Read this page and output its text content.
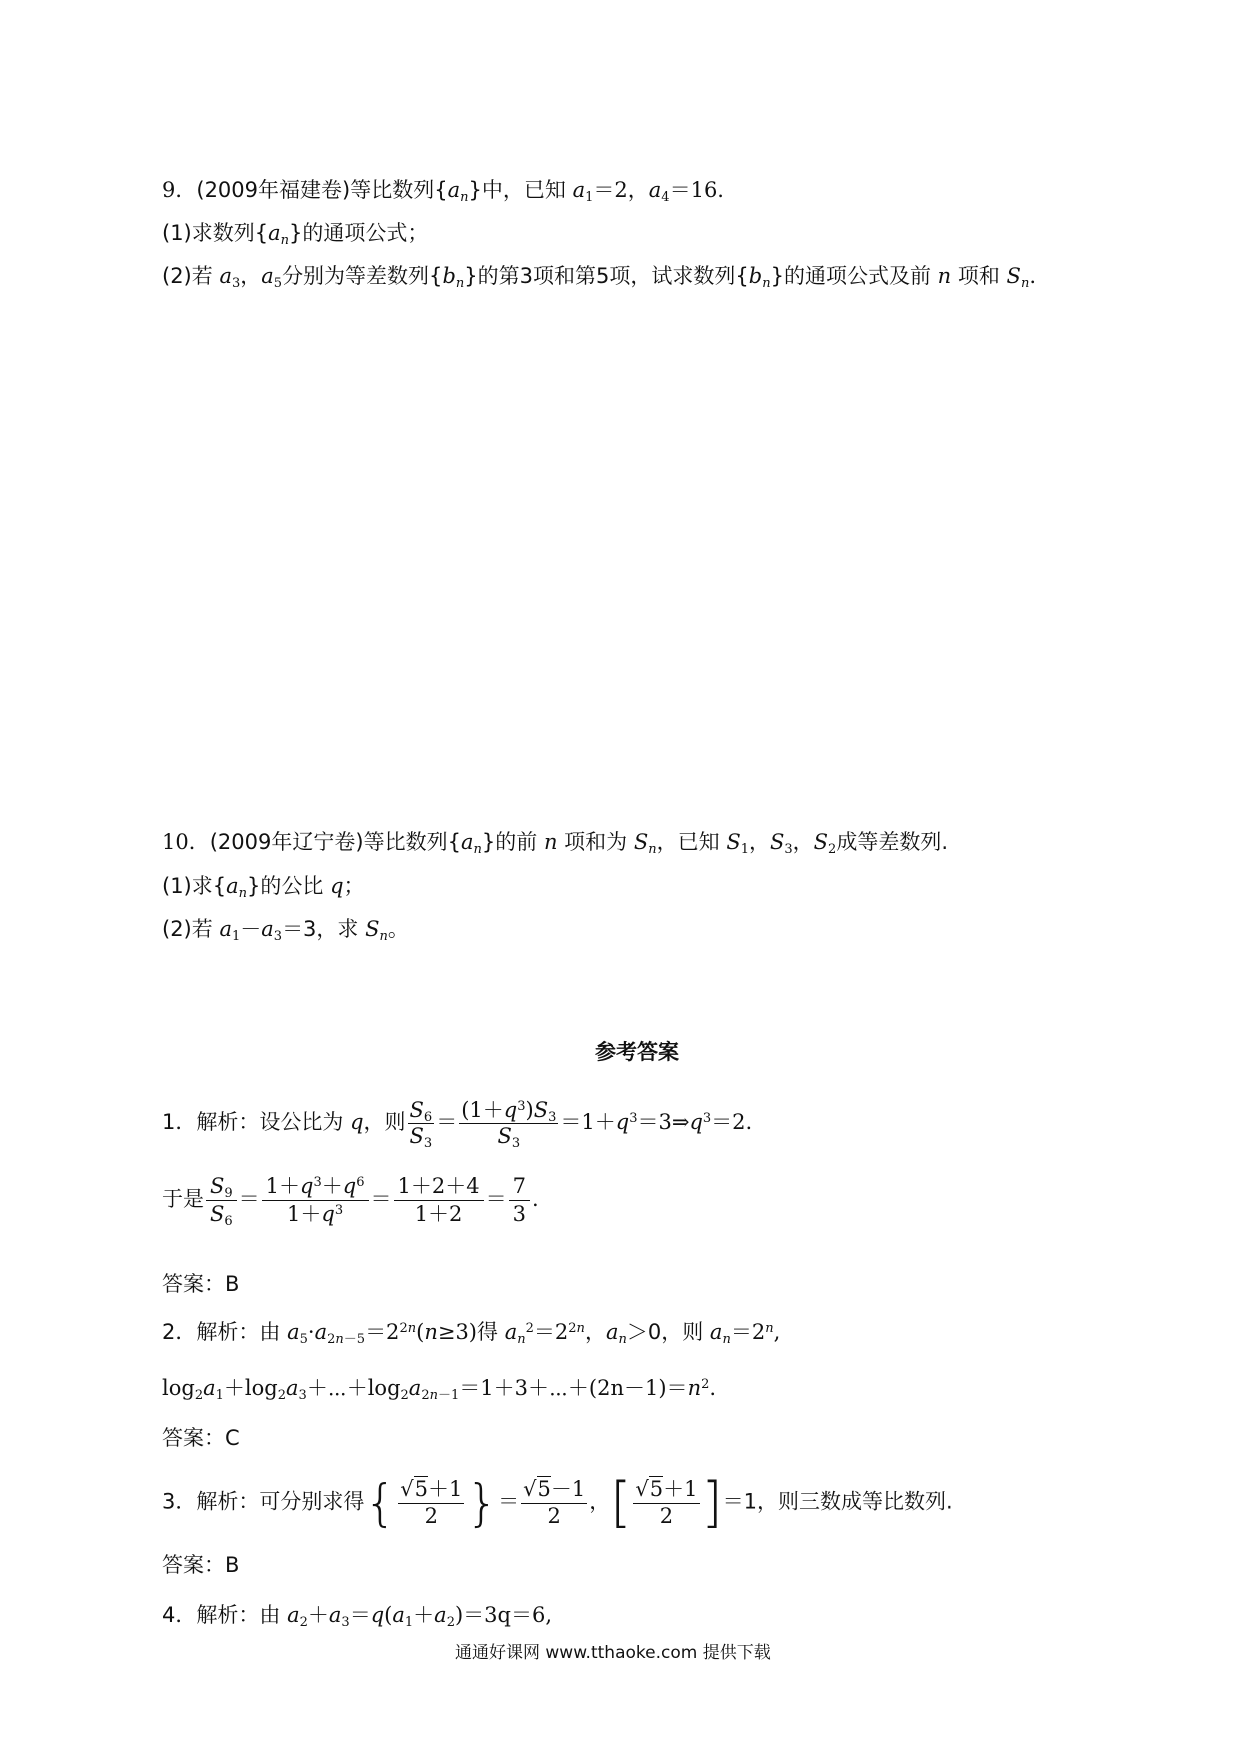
9．(2009年福建卷)等比数列$\{a_n\}$中，已知 $a_1=2$，$a_4=16$.
(1)求数列$\{a_n\}$的通项公式；
(2)若 $a_3$，$a_5$分别为等差数列$\{b_n\}$的第3项和第5项，试求数列$\{b_n\}$的通项公式及前 n 项和 $S_n$.
10．(2009年辽宁卷)等比数列$\{a_n\}$的前 n 项和为 $S_n$，已知 $S_1$，$S_3$，$S_2$成等差数列.
(1)求$\{a_n\}$的公比 q；
(2)若 $a_1-a_3=3$，求 $S_n$。
参考答案
1．解析：设公比为 q，则 $\frac{S_6}{S_3} = \frac{(1+q^3)S_3}{S_3}$ $=1+q^3=3\Rightarrow q^3=2$.
于是 $\frac{S_9}{S_6} = \frac{1+q^3+q^6}{1+q^3} = \frac{1+2+4}{1+2} = \frac{7}{3}$ .
答案：B
2．解析：由 $a_5\cdot a_{2n-5}=2^{2n}(n\ge 3)$得 $a_n^2=2^{2n}$，$a_n>0$，则 $a_n=2^n$,
$\log_2a_1+\log_2a_3+\cdots+\log_2a_{2n-1}=1+3+\cdots+(2n-1)=n^2$.
答案：C
3．解析：可分别求得{ $\frac{√5+1}{2}$ }＝ $\frac{√5-1}{2}$ ，[ $\frac{√5+1}{2} ]=1$，则三数成等比数列.
答案：B
4．解析：由 $a_2+a_3=q(a_1+a_2)=3q=6$,
通通好课网 www.tthaoke.com 提供下载
